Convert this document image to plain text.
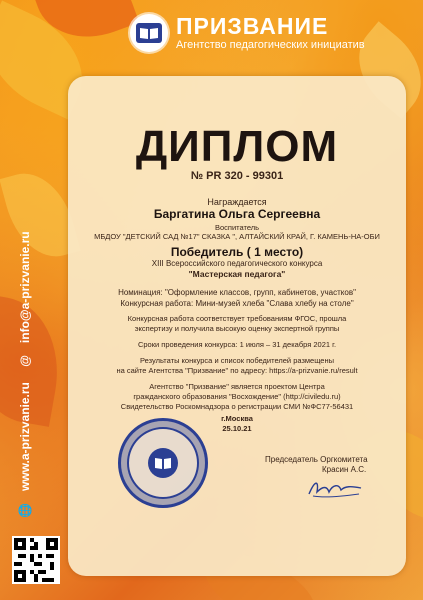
ПРИЗВАНИЕ
Агентство педагогических инициатив
ДИПЛОМ
№ PR 320 - 99301
Награждается
Баргатина Ольга Сергеевна
Воспитатель
МБДОУ "ДЕТСКИЙ САД №17" СКАЗКА ", АЛТАЙСКИЙ КРАЙ, Г. КАМЕНЬ-НА-ОБИ
Победитель ( 1 место)
XIII Всероссийского педагогического конкурса
"Мастерская педагога"
Номинация: "Оформление классов, групп, кабинетов, участков"
Конкурсная работа: Мини-музей хлеба "Слава хлебу на столе"
Конкурсная работа соответствует требованиям ФГОС, прошла
экспертизу и получила высокую оценку экспертной группы
Сроки проведения конкурса: 1 июля – 31 декабря 2021 г.
Результаты конкурса и список победителей размещены
на сайте Агентства "Призвание" по адресу: https://a-prizvanie.ru/result
Агентство "Призвание" является проектом Центра
гражданского образования "Восхождение" (http://civiledu.ru)
Свидетельство Роскомнадзора о регистрации СМИ №ФС77-56431
г.Москва
25.10.21
Председатель Оргкомитета
Красин А.С.
🌐www.a-prizvanie.ru @info@a-prizvanie.ru
